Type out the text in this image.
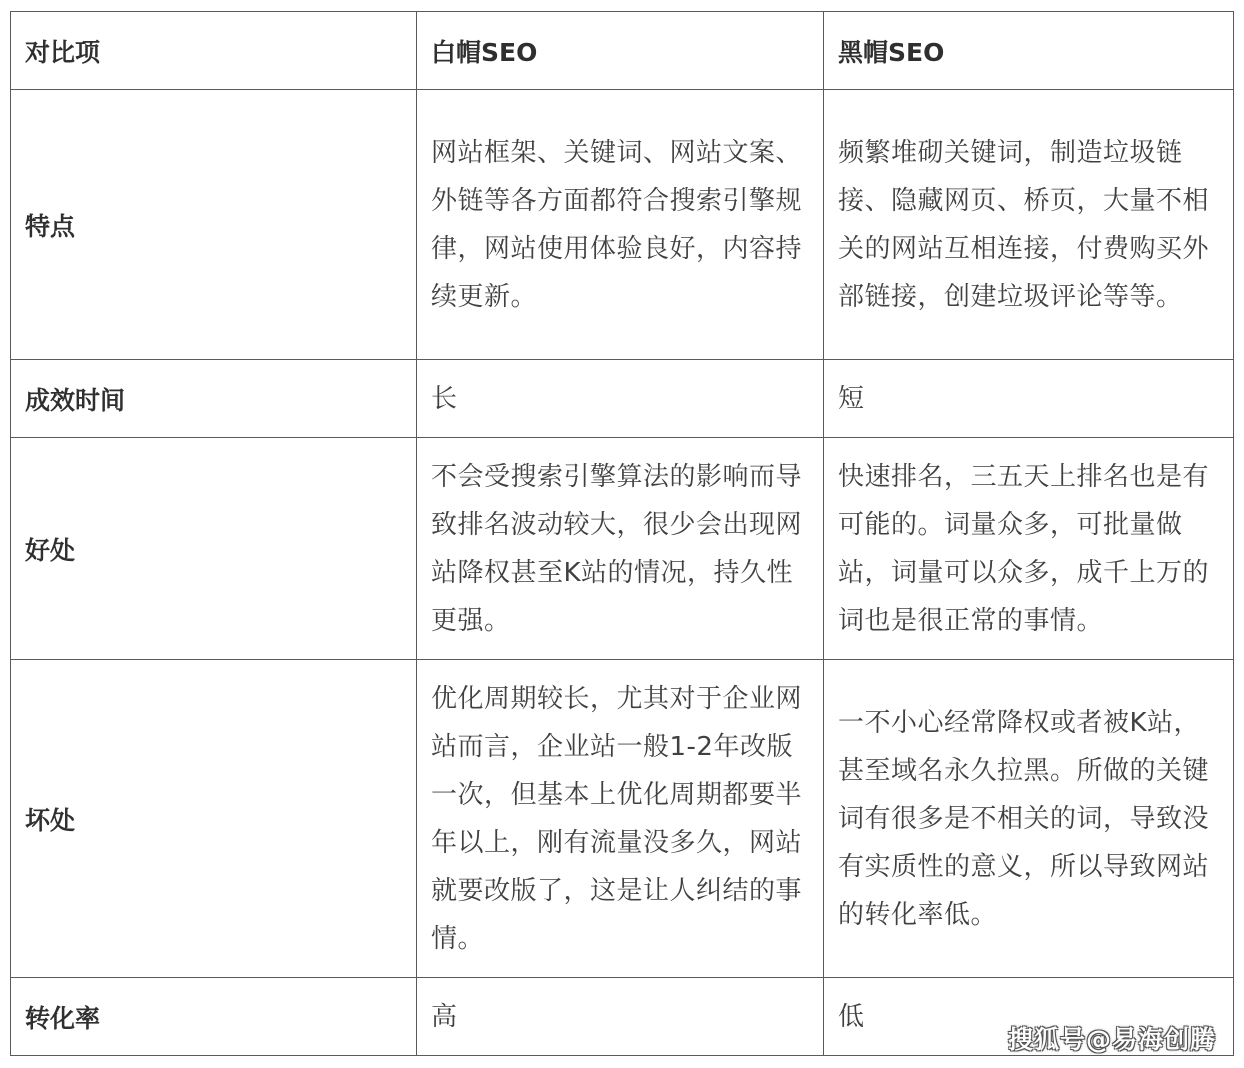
对比项	白帽SEO	黑帽SEO
特点	网站框架、关键词、网站文案、外链等各方面都符合搜索引擎规律，网站使用体验良好，内容持续更新。	频繁堆砌关键词，制造垃圾链接、隐藏网页、桥页，大量不相关的网站互相连接，付费购买外部链接，创建垃圾评论等等。
成效时间	长	短
好处	不会受搜索引擎算法的影响而导致排名波动较大，很少会出现网站降权甚至K站的情况，持久性更强。	快速排名，三五天上排名也是有可能的。词量众多，可批量做站，词量可以众多，成千上万的词也是很正常的事情。
坏处	优化周期较长，尤其对于企业网站而言，企业站一般1-2年改版一次，但基本上优化周期都要半年以上，刚有流量没多久，网站就要改版了，这是让人纠结的事情。	一不小心经常降权或者被K站，甚至域名永久拉黑。所做的关键词有很多是不相关的词，导致没有实质性的意义，所以导致网站的转化率低。
转化率	高	低
搜狐号@易海创腾
